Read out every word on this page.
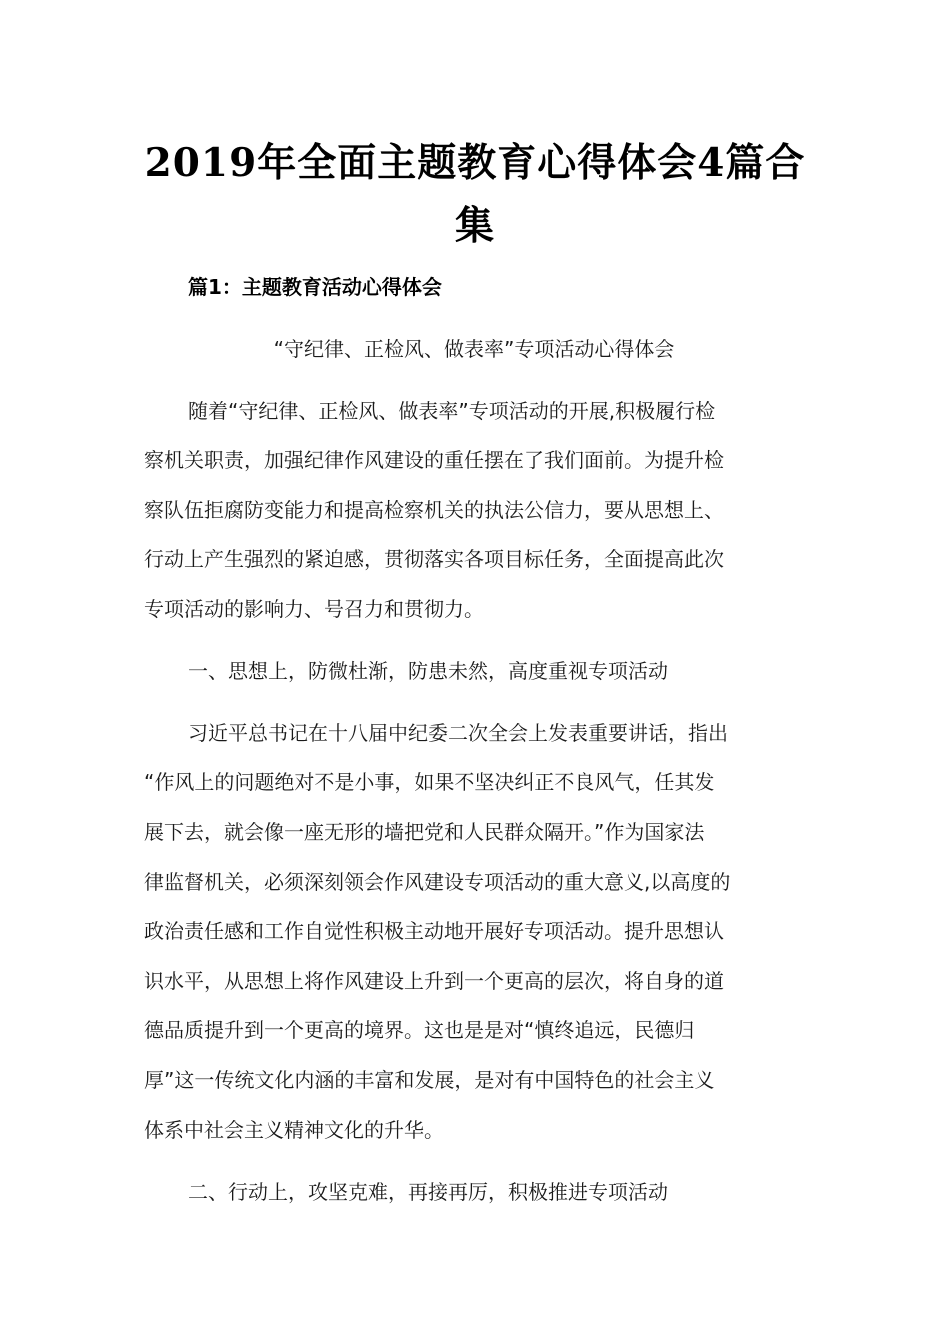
2019年全面主题教育心得体会4篇合
集
篇1：主题教育活动心得体会
“守纪律、正检风、做表率”专项活动心得体会
随着“守纪律、正检风、做表率”专项活动的开展,积极履行检
察机关职责，加强纪律作风建设的重任摆在了我们面前。为提升检
察队伍拒腐防变能力和提高检察机关的执法公信力，要从思想上、
行动上产生强烈的紧迫感，贯彻落实各项目标任务，全面提高此次
专项活动的影响力、号召力和贯彻力。
一、思想上，防微杜渐，防患未然，高度重视专项活动
习近平总书记在十八届中纪委二次全会上发表重要讲话，指出
“作风上的问题绝对不是小事，如果不坚决纠正不良风气，任其发
展下去，就会像一座无形的墙把党和人民群众隔开。”作为国家法
律监督机关，必须深刻领会作风建设专项活动的重大意义,以高度的
政治责任感和工作自觉性积极主动地开展好专项活动。提升思想认
识水平，从思想上将作风建设上升到一个更高的层次，将自身的道
德品质提升到一个更高的境界。这也是是对“慎终追远，民德归
厚”这一传统文化内涵的丰富和发展，是对有中国特色的社会主义
体系中社会主义精神文化的升华。
二、行动上，攻坚克难，再接再厉，积极推进专项活动
